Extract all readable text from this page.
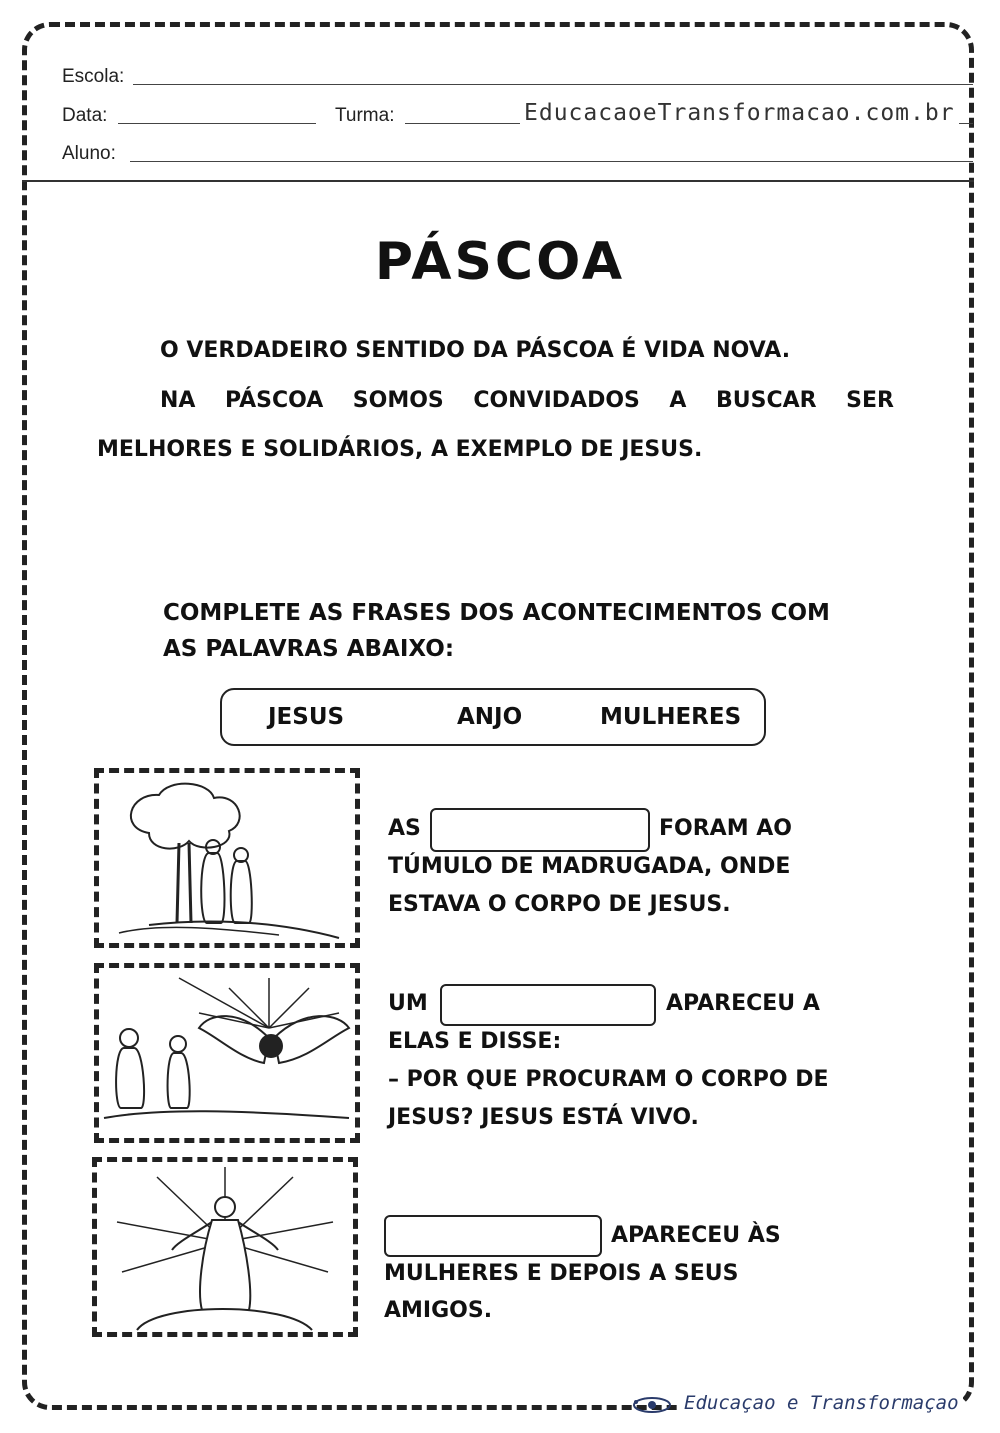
Escola:
Data:	Turma:	EducacaoeTransformacao.com.br
Aluno:
PÁSCOA
O VERDADEIRO SENTIDO DA PÁSCOA É VIDA NOVA.
NA PÁSCOA SOMOS CONVIDADOS A BUSCAR SER
MELHORES E SOLIDÁRIOS, A EXEMPLO DE JESUS.
COMPLETE AS FRASES DOS ACONTECIMENTOS COM
AS PALAVRAS ABAIXO:
JESUS	ANJO	MULHERES
AS	FORAM AO
TÚMULO DE MADRUGADA, ONDE
ESTAVA O CORPO DE JESUS.
UM	APARECEU A
ELAS E DISSE:
– POR QUE PROCURAM O CORPO DE
JESUS? JESUS ESTÁ VIVO.
APARECEU ÀS
MULHERES E DEPOIS A SEUS
AMIGOS.
Educaçao e Transformaçao
